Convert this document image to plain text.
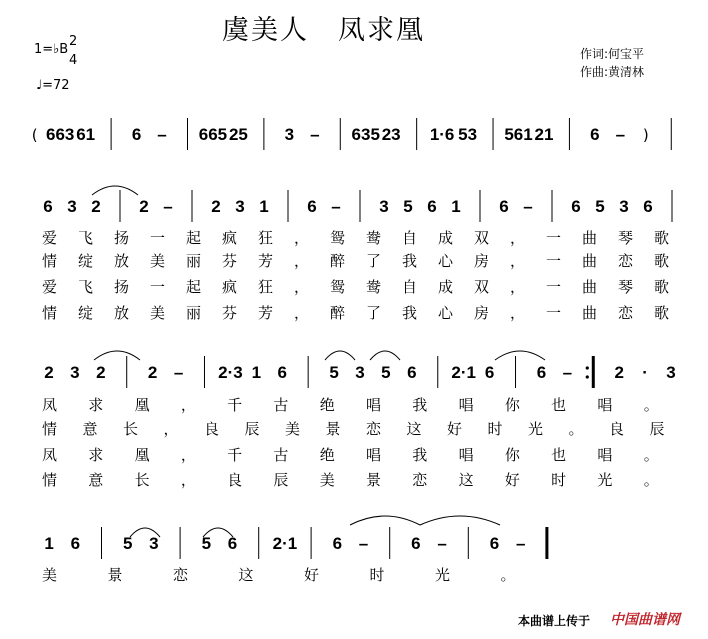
( 663 61 6 – 665 25 3 – 635 23 1·6 53 561 21 6 – )
6 3 2 2 – 2 3 1 6 – 3 5 6 1 6 – 6 5 3 6
爱 飞 扬 一 起 疯 狂 ， 鸳 鸯 自 成 双 ， 一 曲 琴 歌
情 绽 放 美 丽 芬 芳 ， 醉 了 我 心 房 ， 一 曲 恋 歌
爱 飞 扬 一 起 疯 狂 ， 鸳 鸯 自 成 双 ， 一 曲 琴 歌
情 绽 放 美 丽 芬 芳 ， 醉 了 我 心 房 ， 一 曲 恋 歌
2 3 2 2 – 2·3 1 6 5 3 5 6 2·1 6 6 – 2 · 3
凤 求 凰 ， 千 古 绝 唱 我 唱 你 也 唱 。
情 意 长 ， 良 辰 美 景 恋 这 好 时 光 。 良 辰
凤 求 凰 ， 千 古 绝 唱 我 唱 你 也 唱 。
情 意 长 ， 良 辰 美 景 恋 这 好 时 光 。
1 6	5 3	5 6 2·1 6 –	6 –	6 –
美	景	恋	这	好	时	光	。
虞美人　凤求凰
1=♭B
2
4
♩=72
作词:何宝平
作曲:黄清林
本曲谱上传于 中国曲谱网
